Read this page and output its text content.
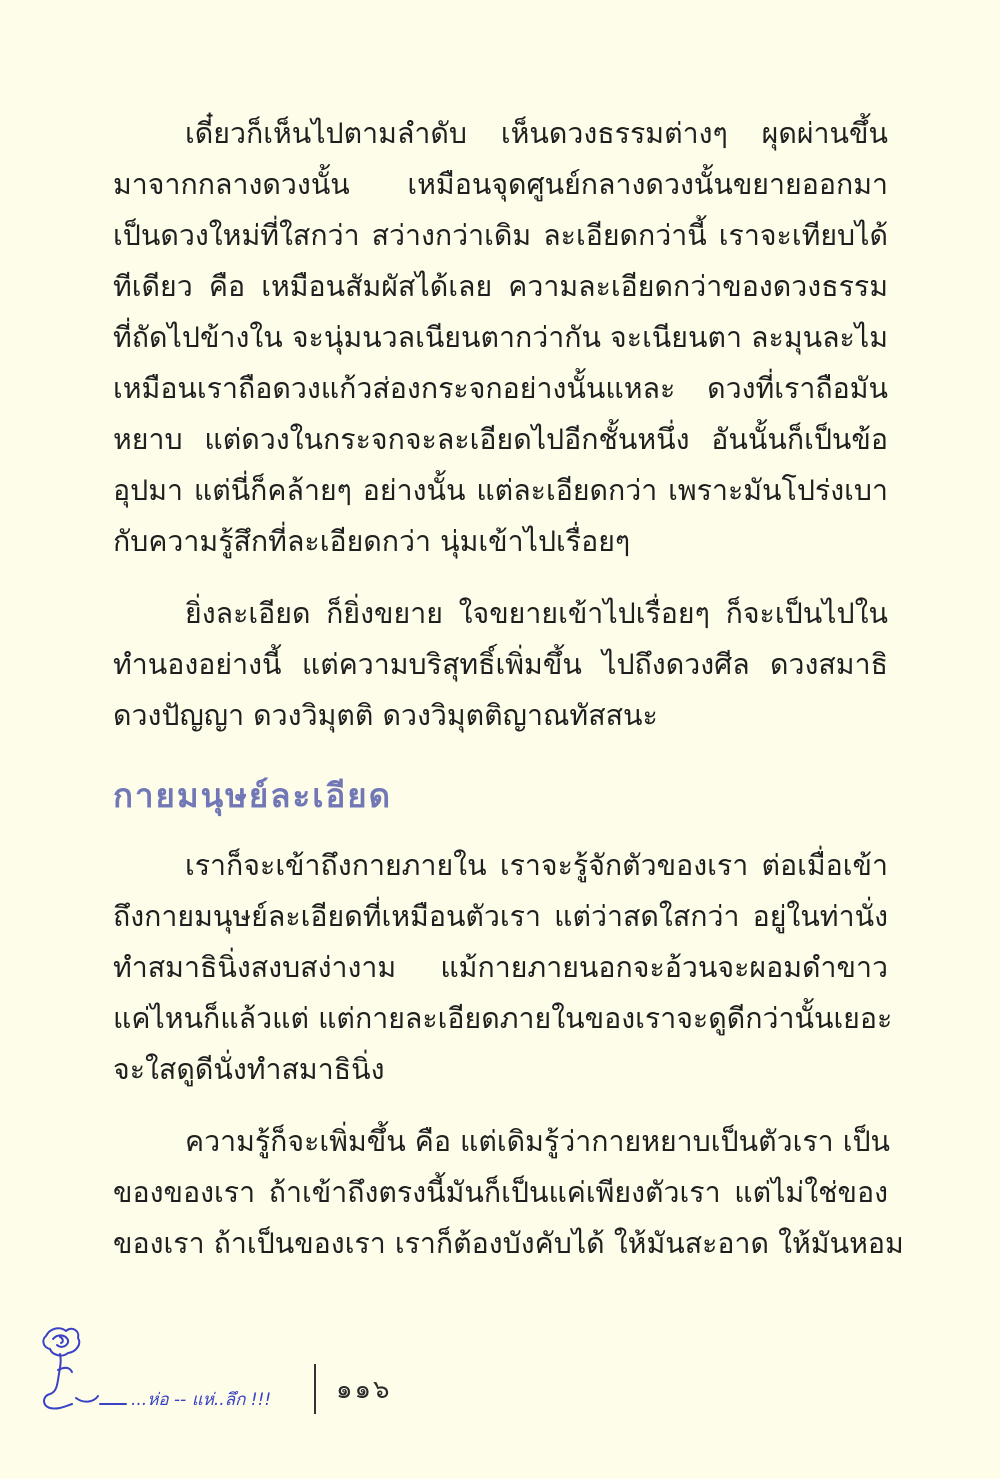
เดี๋ยวก็เห็นไปตามลำดับ เห็นดวงธรรมต่างๆ ผุดผ่านขึ้น
มาจากกลางดวงนั้น เหมือนจุดศูนย์กลางดวงนั้นขยายออกมา
เป็นดวงใหม่ที่ใสกว่า สว่างกว่าเดิม ละเอียดกว่านี้ เราจะเทียบได้
ทีเดียว คือ เหมือนสัมผัสได้เลย ความละเอียดกว่าของดวงธรรม
ที่ถัดไปข้างใน จะนุ่มนวลเนียนตากว่ากัน จะเนียนตา ละมุนละไม
เหมือนเราถือดวงแก้วส่องกระจกอย่างนั้นแหละ ดวงที่เราถือมัน
หยาบ แต่ดวงในกระจกจะละเอียดไปอีกชั้นหนึ่ง อันนั้นก็เป็นข้อ
อุปมา แต่นี่ก็คล้ายๆ อย่างนั้น แต่ละเอียดกว่า เพราะมันโปร่งเบา
กับความรู้สึกที่ละเอียดกว่า นุ่มเข้าไปเรื่อยๆ

ยิ่งละเอียด ก็ยิ่งขยาย ใจขยายเข้าไปเรื่อยๆ ก็จะเป็นไปใน
ทำนองอย่างนี้ แต่ความบริสุทธิ์เพิ่มขึ้น ไปถึงดวงศีล ดวงสมาธิ
ดวงปัญญา ดวงวิมุตติ ดวงวิมุตติญาณทัสสนะ

กายมนุษย์ละเอียด

เราก็จะเข้าถึงกายภายใน เราจะรู้จักตัวของเรา ต่อเมื่อเข้า
ถึงกายมนุษย์ละเอียดที่เหมือนตัวเรา แต่ว่าสดใสกว่า อยู่ในท่านั่ง
ทำสมาธินิ่งสงบสง่างาม แม้กายภายนอกจะอ้วนจะผอมดำขาว
แค่ไหนก็แล้วแต่ แต่กายละเอียดภายในของเราจะดูดีกว่านั้นเยอะ
จะใสดูดีนั่งทำสมาธินิ่ง

ความรู้ก็จะเพิ่มขึ้น คือ แต่เดิมรู้ว่ากายหยาบเป็นตัวเรา เป็น
ของของเรา ถ้าเข้าถึงตรงนี้มันก็เป็นแค่เพียงตัวเรา แต่ไม่ใช่ของ
ของเรา ถ้าเป็นของเรา เราก็ต้องบังคับได้ ให้มันสะอาด ให้มันหอม

...ห่อ -- แห่..ลึก !!! ๑๑๖
